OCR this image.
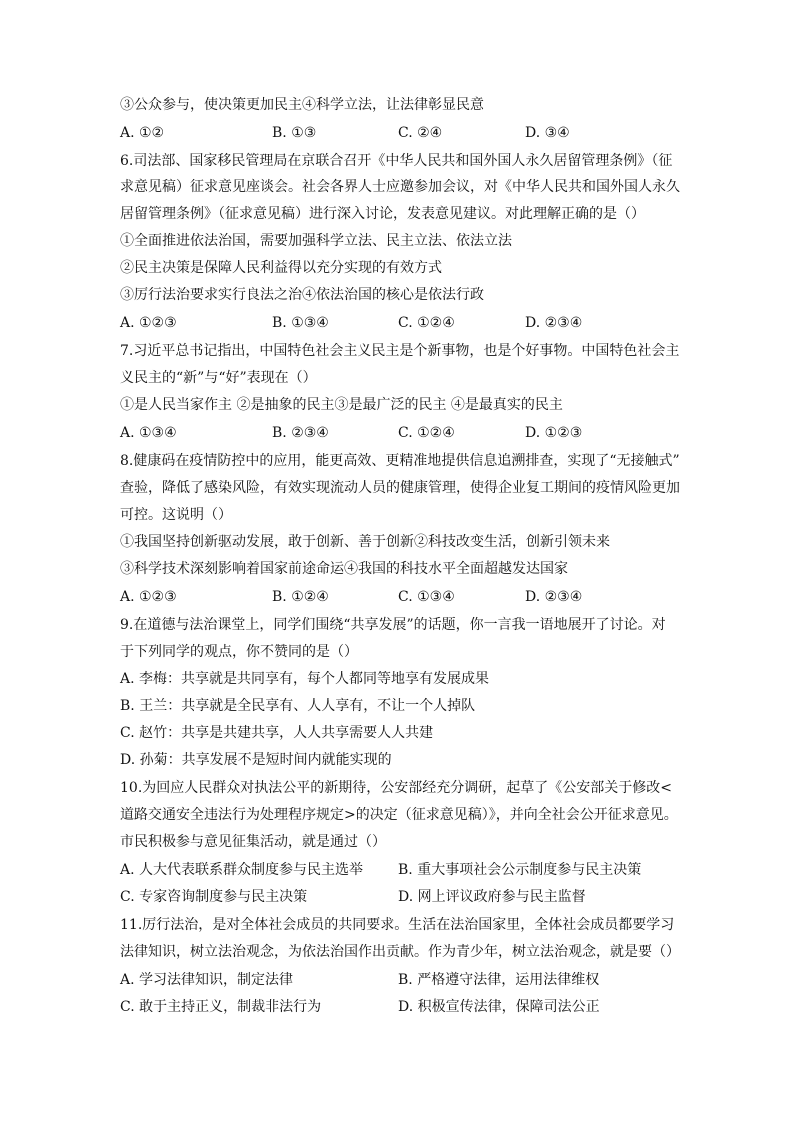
③公众参与，使决策更加民主④科学立法，让法律彰显民意
A. ①②	B. ①③	C. ②④	D. ③④
6.司法部、国家移民管理局在京联合召开《中华人民共和国外国人永久居留管理条例》（征
求意见稿）征求意见座谈会。社会各界人士应邀参加会议，对《中华人民共和国外国人永久
居留管理条例》（征求意见稿）进行深入讨论，发表意见建议。对此理解正确的是（）
①全面推进依法治国，需要加强科学立法、民主立法、依法立法
②民主决策是保障人民利益得以充分实现的有效方式
③厉行法治要求实行良法之治④依法治国的核心是依法行政
A. ①②③	B. ①③④	C. ①②④	D. ②③④
7.习近平总书记指出，中国特色社会主义民主是个新事物，也是个好事物。中国特色社会主
义民主的“新”与“好”表现在（）
①是人民当家作主 ②是抽象的民主③是最广泛的民主 ④是最真实的民主
A. ①③④	B. ②③④	C. ①②④	D. ①②③
8.健康码在疫情防控中的应用，能更高效、更精准地提供信息追溯排查，实现了“无接触式”
查验，降低了感染风险，有效实现流动人员的健康管理，使得企业复工期间的疫情风险更加
可控。这说明（）
①我国坚持创新驱动发展，敢于创新、善于创新②科技改变生活，创新引领未来
③科学技术深刻影响着国家前途命运④我国的科技水平全面超越发达国家
A. ①②③	B. ①②④	C. ①③④	D. ②③④
9.在道德与法治课堂上，同学们围绕“共享发展”的话题，你一言我一语地展开了讨论。对
于下列同学的观点，你不赞同的是（）
A. 李梅：共享就是共同享有，每个人都同等地享有发展成果
B. 王兰：共享就是全民享有、人人享有，不让一个人掉队
C. 赵竹：共享是共建共享，人人共享需要人人共建
D. 孙菊：共享发展不是短时间内就能实现的
10.为回应人民群众对执法公平的新期待，公安部经充分调研，起草了《公安部关于修改<
道路交通安全违法行为处理程序规定>的决定（征求意见稿）》，并向全社会公开征求意见。
市民积极参与意见征集活动，就是通过（）
A. 人大代表联系群众制度参与民主选举 B. 重大事项社会公示制度参与民主决策
C. 专家咨询制度参与民主决策	D. 网上评议政府参与民主监督
11.厉行法治，是对全体社会成员的共同要求。生活在法治国家里，全体社会成员都要学习
法律知识，树立法治观念，为依法治国作出贡献。作为青少年，树立法治观念，就是要（）
A. 学习法律知识，制定法律	B. 严格遵守法律，运用法律维权
C. 敢于主持正义，制裁非法行为	D. 积极宣传法律，保障司法公正
